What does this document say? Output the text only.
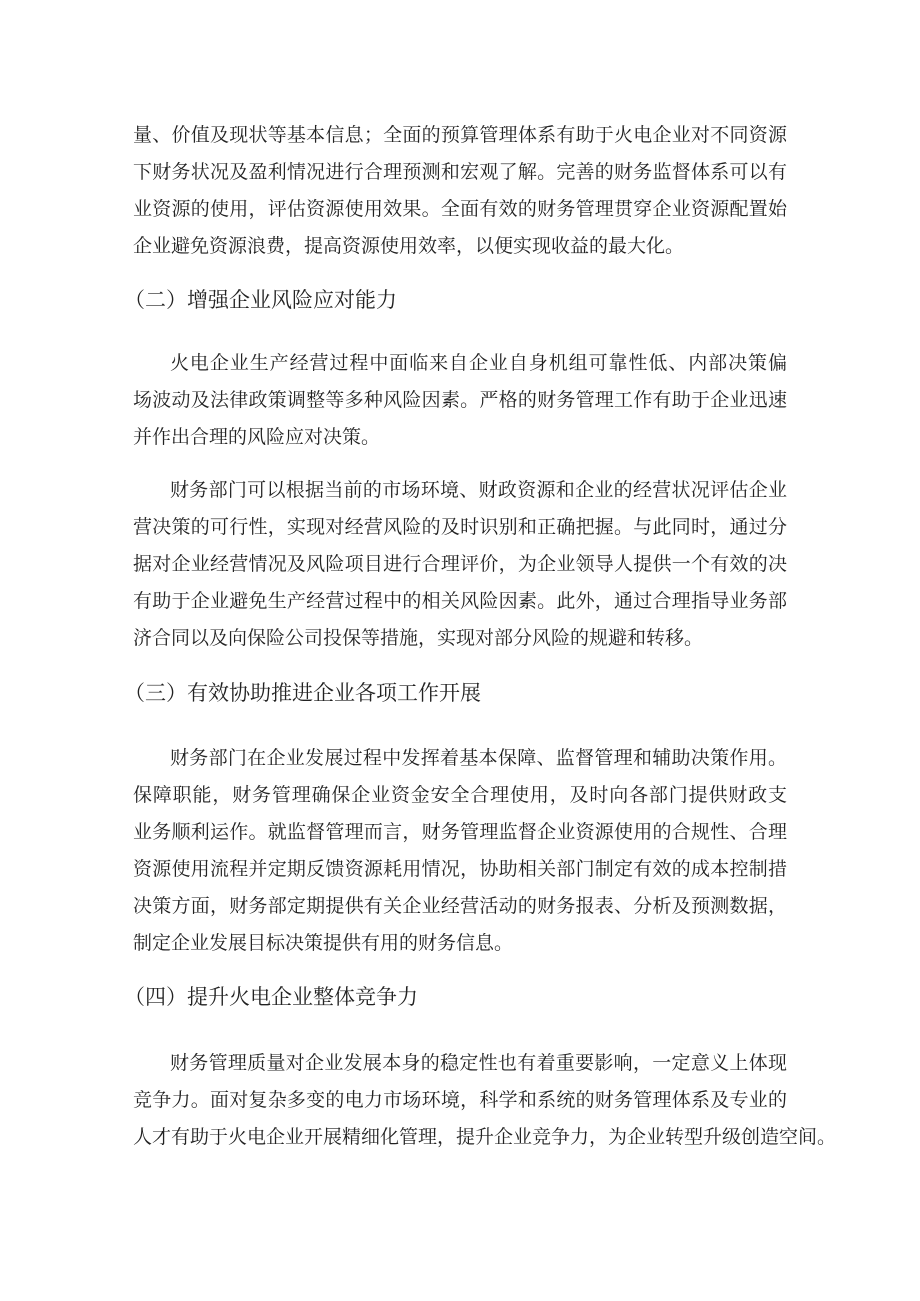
量、价值及现状等基本信息；全面的预算管理体系有助于火电企业对不同资源
下财务状况及盈利情况进行合理预测和宏观了解。完善的财务监督体系可以有
业资源的使用，评估资源使用效果。全面有效的财务管理贯穿企业资源配置始
企业避免资源浪费，提高资源使用效率，以便实现收益的最大化。
（二）增强企业风险应对能力
火电企业生产经营过程中面临来自企业自身机组可靠性低、内部决策偏
场波动及法律政策调整等多种风险因素。严格的财务管理工作有助于企业迅速
并作出合理的风险应对决策。
财务部门可以根据当前的市场环境、财政资源和企业的经营状况评估企业
营决策的可行性，实现对经营风险的及时识别和正确把握。与此同时，通过分
据对企业经营情况及风险项目进行合理评价，为企业领导人提供一个有效的决
有助于企业避免生产经营过程中的相关风险因素。此外，通过合理指导业务部
济合同以及向保险公司投保等措施，实现对部分风险的规避和转移。
（三）有效协助推进企业各项工作开展
财务部门在企业发展过程中发挥着基本保障、监督管理和辅助决策作用。
保障职能，财务管理确保企业资金安全合理使用，及时向各部门提供财政支
业务顺利运作。就监督管理而言，财务管理监督企业资源使用的合规性、合理
资源使用流程并定期反馈资源耗用情况，协助相关部门制定有效的成本控制措
决策方面，财务部定期提供有关企业经营活动的财务报表、分析及预测数据，
制定企业发展目标决策提供有用的财务信息。
（四）提升火电企业整体竞争力
财务管理质量对企业发展本身的稳定性也有着重要影响，一定意义上体现
竞争力。面对复杂多变的电力市场环境，科学和系统的财务管理体系及专业的
人才有助于火电企业开展精细化管理，提升企业竞争力，为企业转型升级创造空间。
